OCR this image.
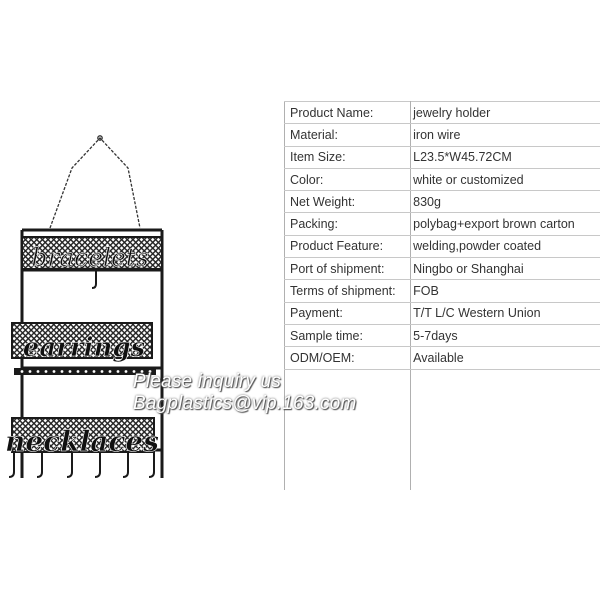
bracelets
earrings
necklaces
Product Name:	jewelry holder
Material:	iron wire
Item Size:	L23.5*W45.72CM
Color:	white or customized
Net Weight:	830g
Packing:	polybag+export brown carton
Product Feature:	welding,powder coated
Port of shipment:	Ningbo or Shanghai
Terms of shipment:	FOB
Payment:	T/T L/C Western Union
Sample time:	5-7days
ODM/OEM:	Available

Please inquiry us
Bagplastics@vip.163.com
